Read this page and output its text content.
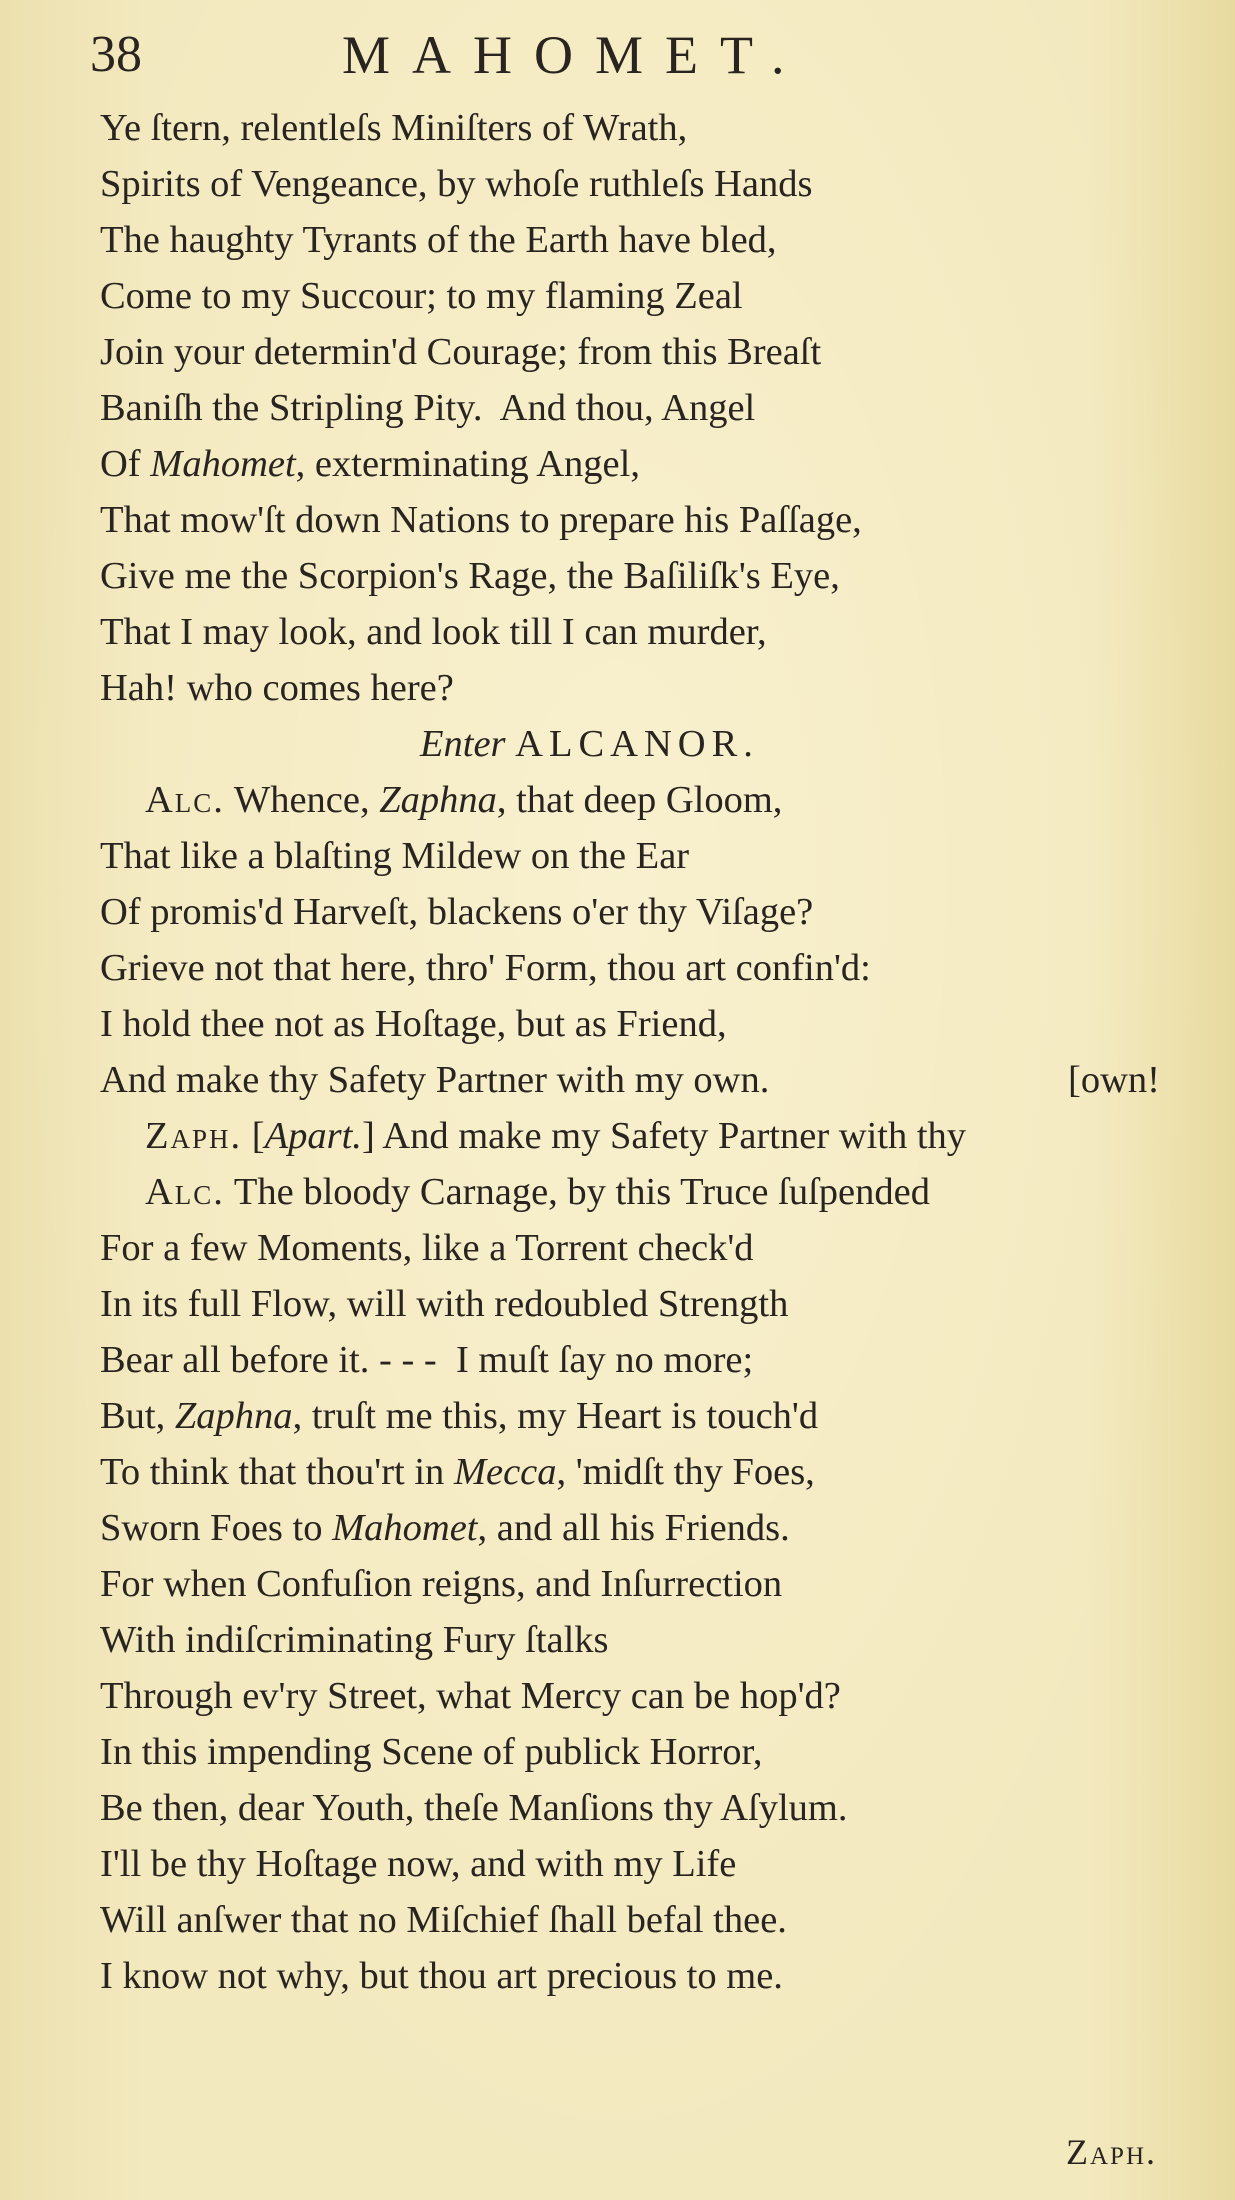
38	MAHOMET.
Ye ſtern, relentleſs Miniſters of Wrath,
Spirits of Vengeance, by whoſe ruthleſs Hands
The haughty Tyrants of the Earth have bled,
Come to my Succour; to my flaming Zeal
Join your determin'd Courage; from this Breaſt
Baniſh the Stripling Pity.  And thou, Angel
Of Mahomet, exterminating Angel,
That mow'ſt down Nations to prepare his Paſſage,
Give me the Scorpion's Rage, the Baſiliſk's Eye,
That I may look, and look till I can murder,
Hah! who comes here?
Enter ALCANOR.
Alc. Whence, Zaphna, that deep Gloom,
That like a blaſting Mildew on the Ear
Of promis'd Harveſt, blackens o'er thy Viſage?
Grieve not that here, thro' Form, thou art confin'd:
I hold thee not as Hoſtage, but as Friend,
And make thy Safety Partner with my own.	[own!
Zaph. [Apart.] And make my Safety Partner with thy
Alc. The bloody Carnage, by this Truce ſuſpended
For a few Moments, like a Torrent check'd
In its full Flow, will with redoubled Strength
Bear all before it. - - -  I muſt ſay no more;
But, Zaphna, truſt me this, my Heart is touch'd
To think that thou'rt in Mecca, 'midſt thy Foes,
Sworn Foes to Mahomet, and all his Friends.
For when Confuſion reigns, and Inſurrection
With indiſcriminating Fury ſtalks
Through ev'ry Street, what Mercy can be hop'd?
In this impending Scene of publick Horror,
Be then, dear Youth, theſe Manſions thy Aſylum.
I'll be thy Hoſtage now, and with my Life
Will anſwer that no Miſchief ſhall befal thee.
I know not why, but thou art precious to me.
Zaph.
